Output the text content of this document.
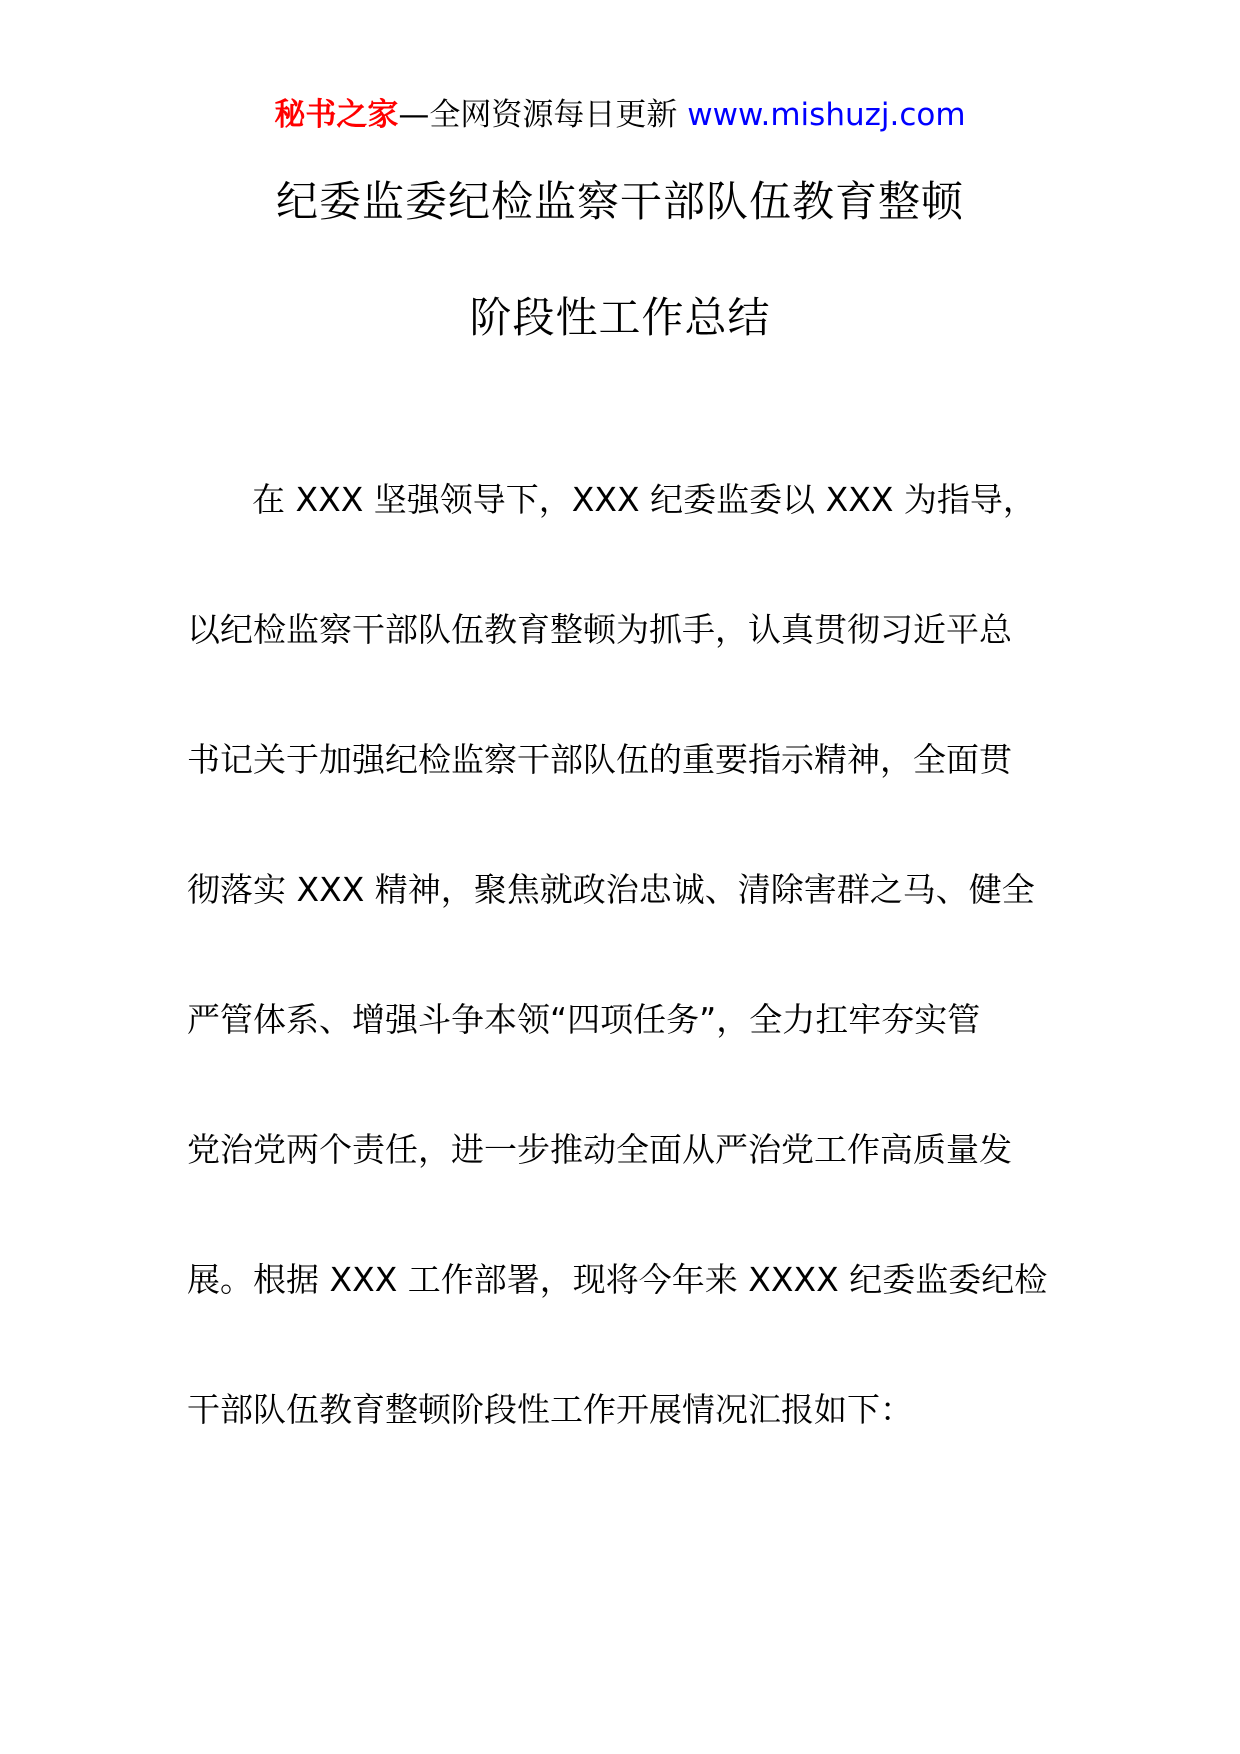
秘书之家—全网资源每日更新 www.mishuzj.com
纪委监委纪检监察干部队伍教育整顿
阶段性工作总结
在 XXX 坚强领导下，XXX 纪委监委以 XXX 为指导，
以纪检监察干部队伍教育整顿为抓手，认真贯彻习近平总
书记关于加强纪检监察干部队伍的重要指示精神，全面贯
彻落实 XXX 精神，聚焦就政治忠诚、清除害群之马、健全
严管体系、增强斗争本领“四项任务”，全力扛牢夯实管
党治党两个责任，进一步推动全面从严治党工作高质量发
展。根据 XXX 工作部署，现将今年来 XXXX 纪委监委纪检
干部队伍教育整顿阶段性工作开展情况汇报如下：
